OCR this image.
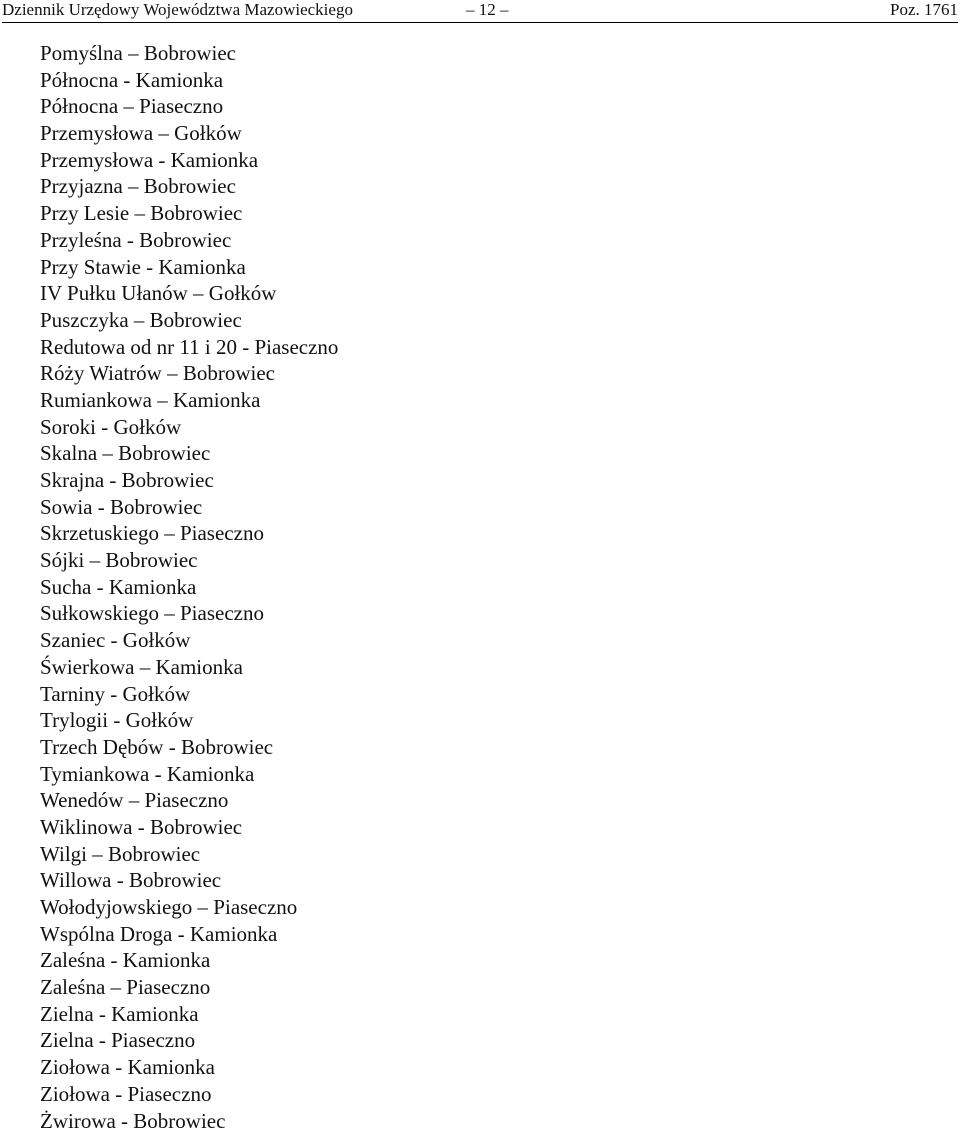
Dziennik Urzędowy Województwa Mazowieckiego	– 12 –	Poz. 1761
Pomyślna – Bobrowiec
Północna - Kamionka
Północna – Piaseczno
Przemysłowa – Gołków
Przemysłowa - Kamionka
Przyjazna – Bobrowiec
Przy Lesie – Bobrowiec
Przyleśna - Bobrowiec
Przy Stawie - Kamionka
IV Pułku Ułanów – Gołków
Puszczyka – Bobrowiec
Redutowa od nr 11 i 20 - Piaseczno
Róży Wiatrów – Bobrowiec
Rumiankowa – Kamionka
Soroki - Gołków
Skalna – Bobrowiec
Skrajna - Bobrowiec
Sowia - Bobrowiec
Skrzetuskiego – Piaseczno
Sójki – Bobrowiec
Sucha - Kamionka
Sułkowskiego – Piaseczno
Szaniec - Gołków
Świerkowa – Kamionka
Tarniny - Gołków
Trylogii - Gołków
Trzech Dębów - Bobrowiec
Tymiankowa - Kamionka
Wenedów – Piaseczno
Wiklinowa - Bobrowiec
Wilgi – Bobrowiec
Willowa - Bobrowiec
Wołodyjowskiego – Piaseczno
Wspólna Droga - Kamionka
Zaleśna - Kamionka
Zaleśna – Piaseczno
Zielna - Kamionka
Zielna - Piaseczno
Ziołowa - Kamionka
Ziołowa - Piaseczno
Żwirowa - Bobrowiec
